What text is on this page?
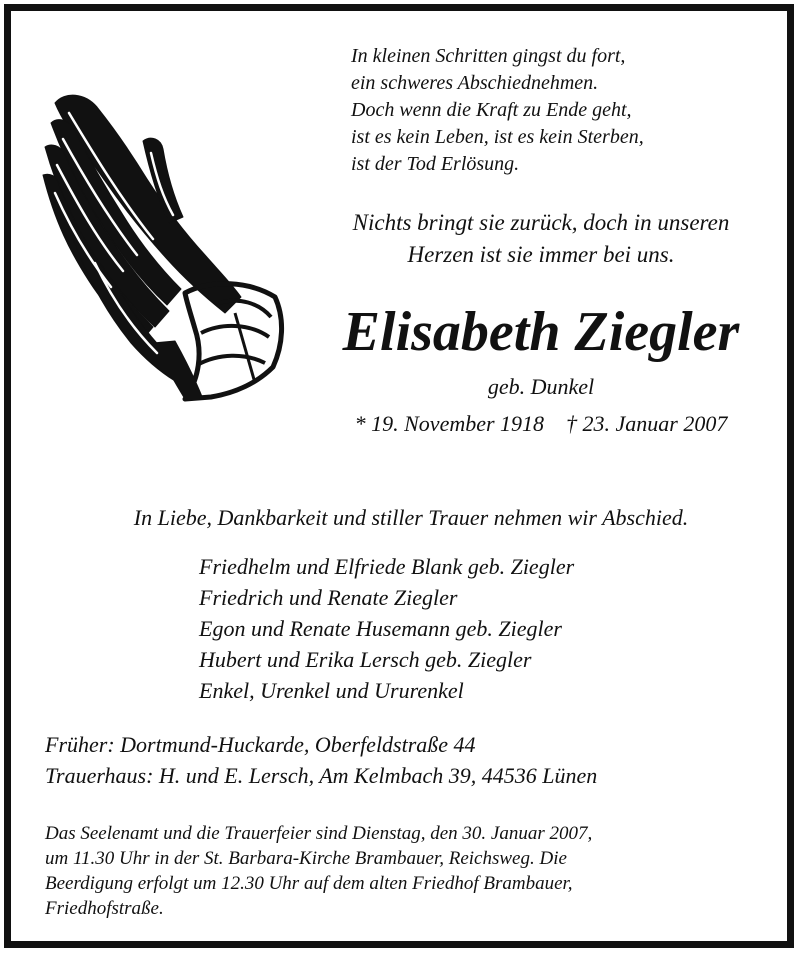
In kleinen Schritten gingst du fort,
ein schweres Abschiednehmen.
Doch wenn die Kraft zu Ende geht,
ist es kein Leben, ist es kein Sterben,
ist der Tod Erlösung.
Nichts bringt sie zurück, doch in unseren
Herzen ist sie immer bei uns.
Elisabeth Ziegler
geb. Dunkel
* 19. November 1918 † 23. Januar 2007
In Liebe, Dankbarkeit und stiller Trauer nehmen wir Abschied.
Friedhelm und Elfriede Blank geb. Ziegler
Friedrich und Renate Ziegler
Egon und Renate Husemann geb. Ziegler
Hubert und Erika Lersch geb. Ziegler
Enkel, Urenkel und Ururenkel
Früher: Dortmund-Huckarde, Oberfeldstraße 44
Trauerhaus: H. und E. Lersch, Am Kelmbach 39, 44536 Lünen
Das Seelenamt und die Trauerfeier sind Dienstag, den 30. Januar 2007,
um 11.30 Uhr in der St. Barbara-Kirche Brambauer, Reichsweg. Die
Beerdigung erfolgt um 12.30 Uhr auf dem alten Friedhof Brambauer,
Friedhofstraße.
